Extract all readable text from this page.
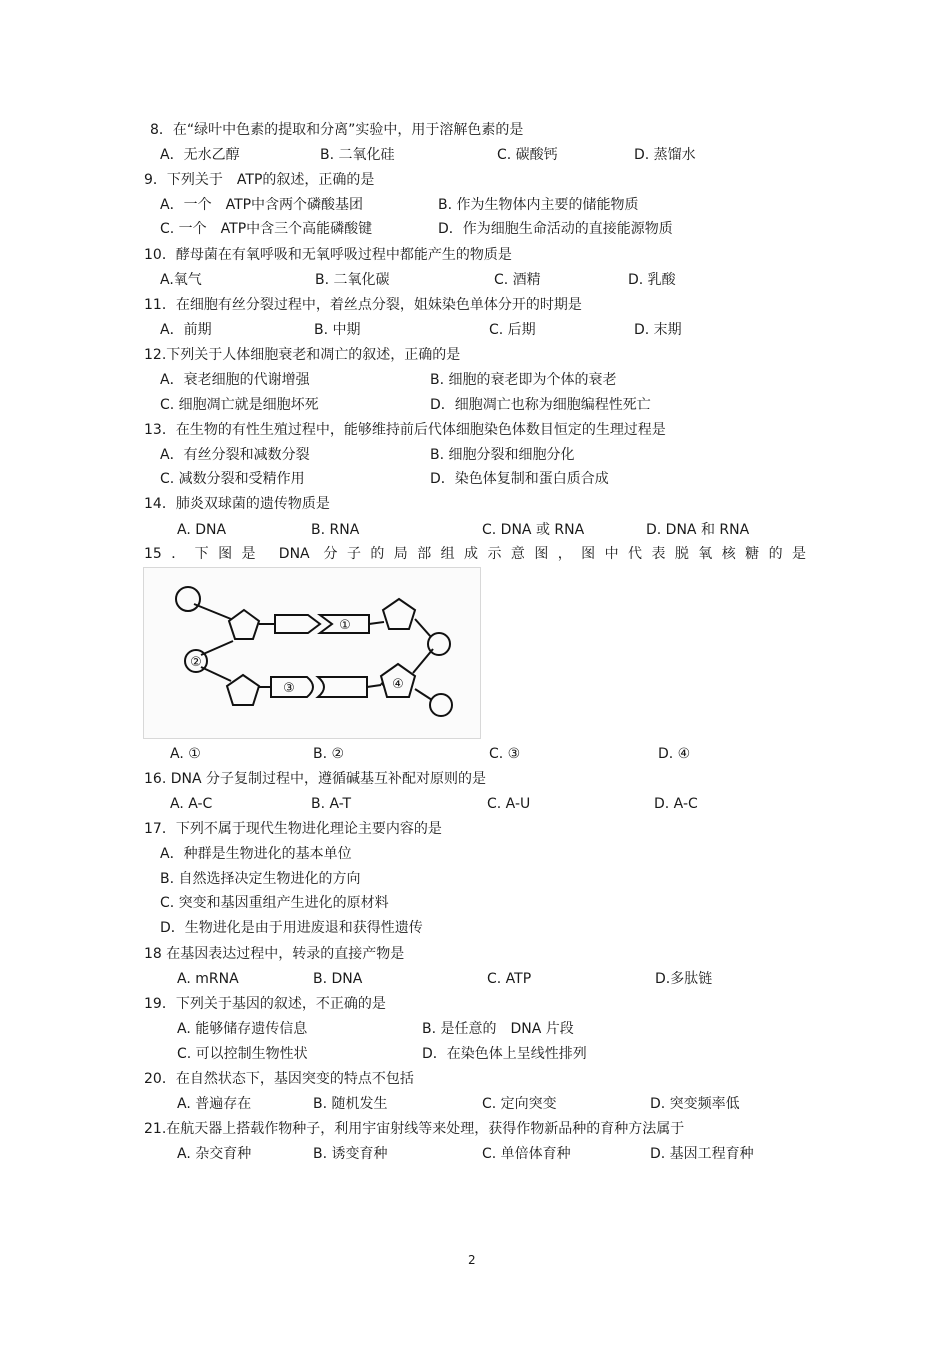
8．在“绿叶中色素的提取和分离”实验中，用于溶解色素的是
A．无水乙醇	B. 二氧化硅	C. 碳酸钙	D. 蒸馏水
9．下列关于　ATP的叙述，正确的是
A．一个　ATP中含两个磷酸基团	B. 作为生物体内主要的储能物质
C. 一个　ATP中含三个高能磷酸键	D．作为细胞生命活动的直接能源物质
10．酵母菌在有氧呼吸和无氧呼吸过程中都能产生的物质是
A.氧气	B. 二氧化碳	C. 酒精	D. 乳酸
11．在细胞有丝分裂过程中，着丝点分裂，姐妹染色单体分开的时期是
A．前期	B. 中期	C. 后期	D. 末期
12.下列关于人体细胞衰老和凋亡的叙述，正确的是
A．衰老细胞的代谢增强	B. 细胞的衰老即为个体的衰老
C. 细胞凋亡就是细胞坏死	D．细胞凋亡也称为细胞编程性死亡
13．在生物的有性生殖过程中，能够维持前后代体细胞染色体数目恒定的生理过程是
A．有丝分裂和减数分裂	B. 细胞分裂和细胞分化
C. 减数分裂和受精作用	D．染色体复制和蛋白质合成
14．肺炎双球菌的遗传物质是
A. DNA	B. RNA	C. DNA 或 RNA	D. DNA 和 RNA
15．下图是 DNA 分子的局部组成示意图，图中代表脱氧核糖的是
①
②
③	④
A. ①	B. ②	C. ③	D. ④
16. DNA 分子复制过程中，遵循碱基互补配对原则的是
A. A-C	B. A-T	C. A-U	D. A-C
17．下列不属于现代生物进化理论主要内容的是
A．种群是生物进化的基本单位
B. 自然选择决定生物进化的方向
C. 突变和基因重组产生进化的原材料
D．生物进化是由于用进废退和获得性遗传
18 在基因表达过程中，转录的直接产物是
A. mRNA	B. DNA	C. ATP	D.多肽链
19．下列关于基因的叙述，不正确的是
A. 能够储存遗传信息	B. 是任意的　DNA 片段
C. 可以控制生物性状	D．在染色体上呈线性排列
20．在自然状态下，基因突变的特点不包括
A. 普遍存在	B. 随机发生	C. 定向突变	D. 突变频率低
21.在航天器上搭载作物种子，利用宇宙射线等来处理，获得作物新品种的育种方法属于
A. 杂交育种	B. 诱变育种	C. 单倍体育种	D. 基因工程育种
2
